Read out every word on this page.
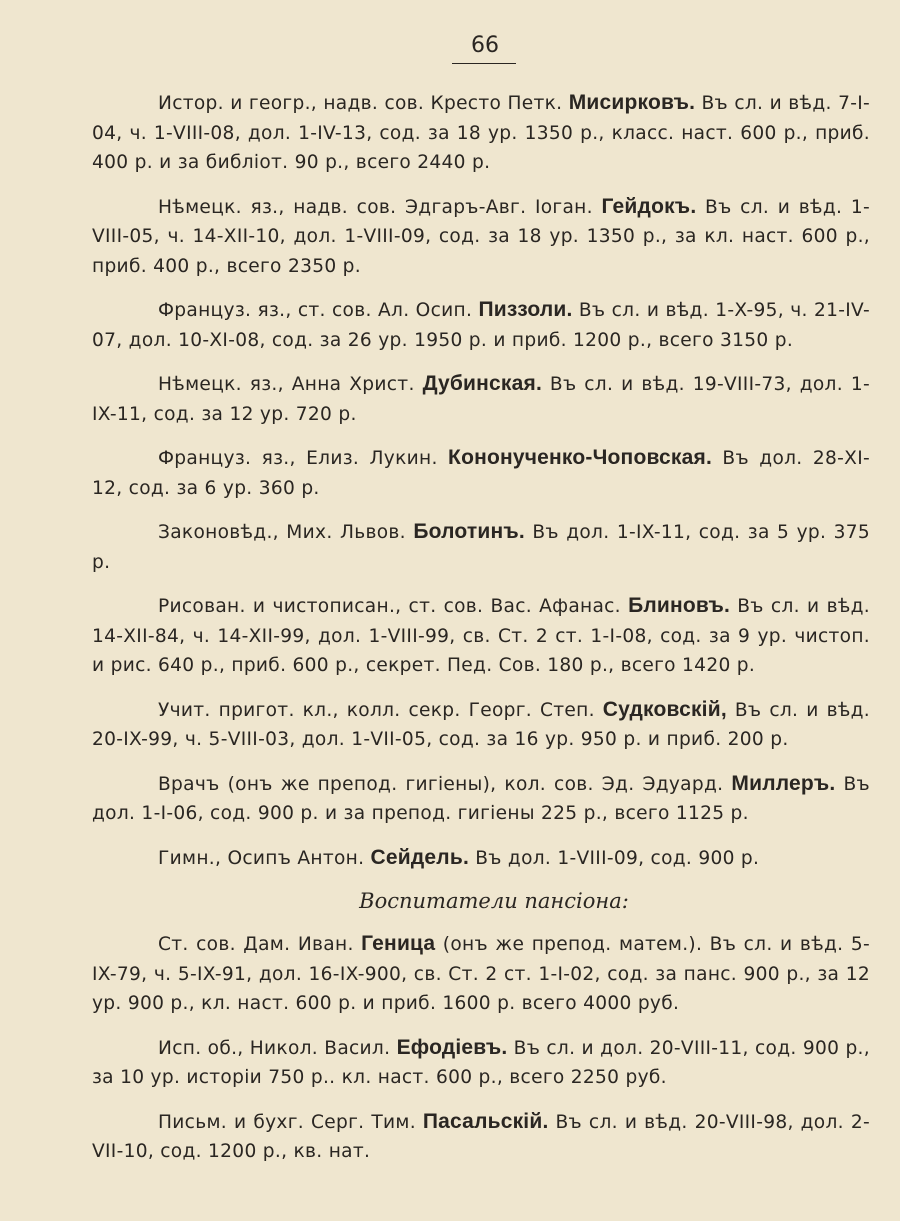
66

Истор. и геогр., надв. сов. Кресто Петк. Мисирковъ. Въ сл. и вѣд. 7-I-04, ч. 1-VIII-08, дол. 1-IV-13, сод. за 18 ур. 1350 р., класс. наст. 600 р., приб. 400 р. и за библіот. 90 р., всего 2440 р.

Нѣмецк. яз., надв. сов. Эдгаръ-Авг. Іоган. Гейдокъ. Въ сл. и вѣд. 1-VIII-05, ч. 14-XII-10, дол. 1-VIII-09, сод. за 18 ур. 1350 р., за кл. наст. 600 р., приб. 400 р., всего 2350 р.

Француз. яз., ст. сов. Ал. Осип. Пиззоли. Въ сл. и вѣд. 1-X-95, ч. 21-IV-07, дол. 10-XI-08, сод. за 26 ур. 1950 р. и приб. 1200 р., всего 3150 р.

Нѣмецк. яз., Анна Христ. Дубинская. Въ сл. и вѣд. 19-VIII-73, дол. 1-IX-11, сод. за 12 ур. 720 р.

Француз. яз., Елиз. Лукин. Кононученко-Чоповская. Въ дол. 28-XI-12, сод. за 6 ур. 360 р.

Законовѣд., Мих. Львов. Болотинъ. Въ дол. 1-IX-11, сод. за 5 ур. 375 р.

Рисован. и чистописан., ст. сов. Вас. Афанас. Блиновъ. Въ сл. и вѣд. 14-XII-84, ч. 14-XII-99, дол. 1-VIII-99, св. Ст. 2 ст. 1-I-08, сод. за 9 ур. чистоп. и рис. 640 р., приб. 600 р., секрет. Пед. Сов. 180 р., всего 1420 р.

Учит. пригот. кл., колл. секр. Георг. Степ. Судковскій, Въ сл. и вѣд. 20-IX-99, ч. 5-VIII-03, дол. 1-VII-05, сод. за 16 ур. 950 р. и приб. 200 р.

Врачъ (онъ же препод. гигіены), кол. сов. Эд. Эдуард. Миллеръ. Въ дол. 1-I-06, сод. 900 р. и за препод. гигіены 225 р., всего 1125 р.

Гимн., Осипъ Антон. Сейдель. Въ дол. 1-VIII-09, сод. 900 р.

Воспитатели пансіона:

Ст. сов. Дам. Иван. Геница (онъ же препод. матем.). Въ сл. и вѣд. 5-IX-79, ч. 5-IX-91, дол. 16-IX-900, св. Ст. 2 ст. 1-I-02, сод. за панс. 900 р., за 12 ур. 900 р., кл. наст. 600 р. и приб. 1600 р. всего 4000 руб.

Исп. об., Никол. Васил. Ефодіевъ. Въ сл. и дол. 20-VIII-11, сод. 900 р., за 10 ур. исторіи 750 р.. кл. наст. 600 р., всего 2250 руб.

Письм. и бухг. Серг. Тим. Пасальскій. Въ сл. и вѣд. 20-VIII-98, дол. 2-VII-10, сод. 1200 р., кв. нат.
